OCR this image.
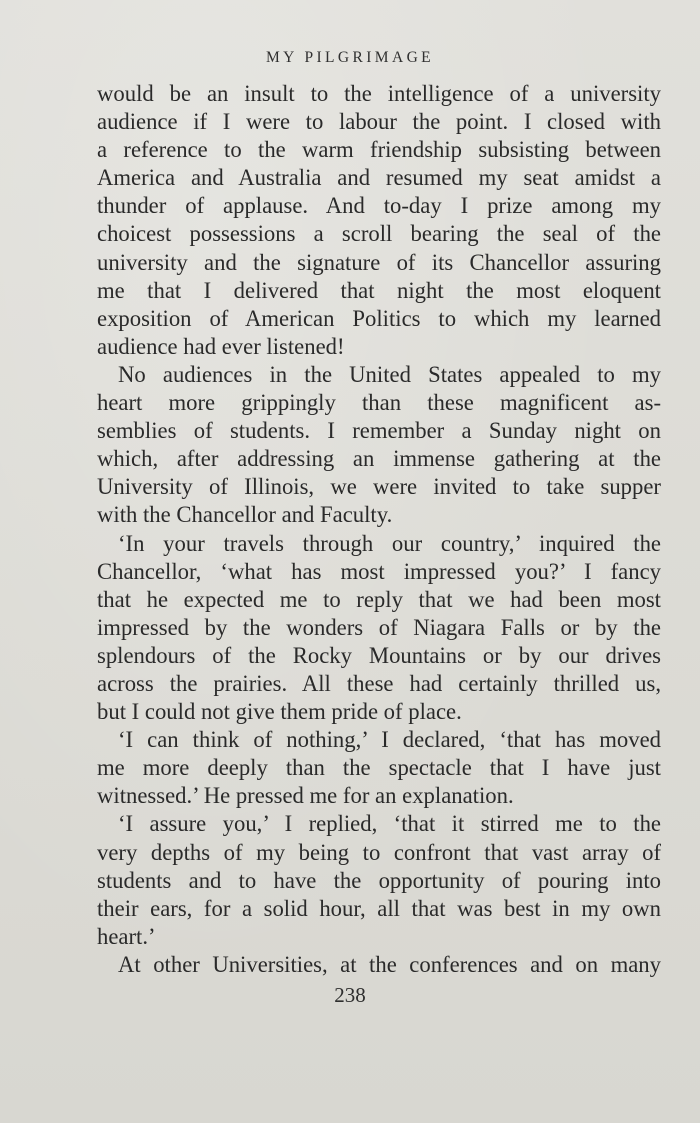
MY PILGRIMAGE
would be an insult to the intelligence of a university
audience if I were to labour the point. I closed with
a reference to the warm friendship subsisting between
America and Australia and resumed my seat amidst a
thunder of applause. And to-day I prize among my
choicest possessions a scroll bearing the seal of the
university and the signature of its Chancellor assuring
me that I delivered that night the most eloquent
exposition of American Politics to which my learned
audience had ever listened!
No audiences in the United States appealed to my
heart more grippingly than these magnificent as-
semblies of students. I remember a Sunday night on
which, after addressing an immense gathering at the
University of Illinois, we were invited to take supper
with the Chancellor and Faculty.
‘In your travels through our country,’ inquired the
Chancellor, ‘what has most impressed you?’ I fancy
that he expected me to reply that we had been most
impressed by the wonders of Niagara Falls or by the
splendours of the Rocky Mountains or by our drives
across the prairies. All these had certainly thrilled us,
but I could not give them pride of place.
‘I can think of nothing,’ I declared, ‘that has moved
me more deeply than the spectacle that I have just
witnessed.’ He pressed me for an explanation.
‘I assure you,’ I replied, ‘that it stirred me to the
very depths of my being to confront that vast array of
students and to have the opportunity of pouring into
their ears, for a solid hour, all that was best in my own
heart.’
At other Universities, at the conferences and on many
238
